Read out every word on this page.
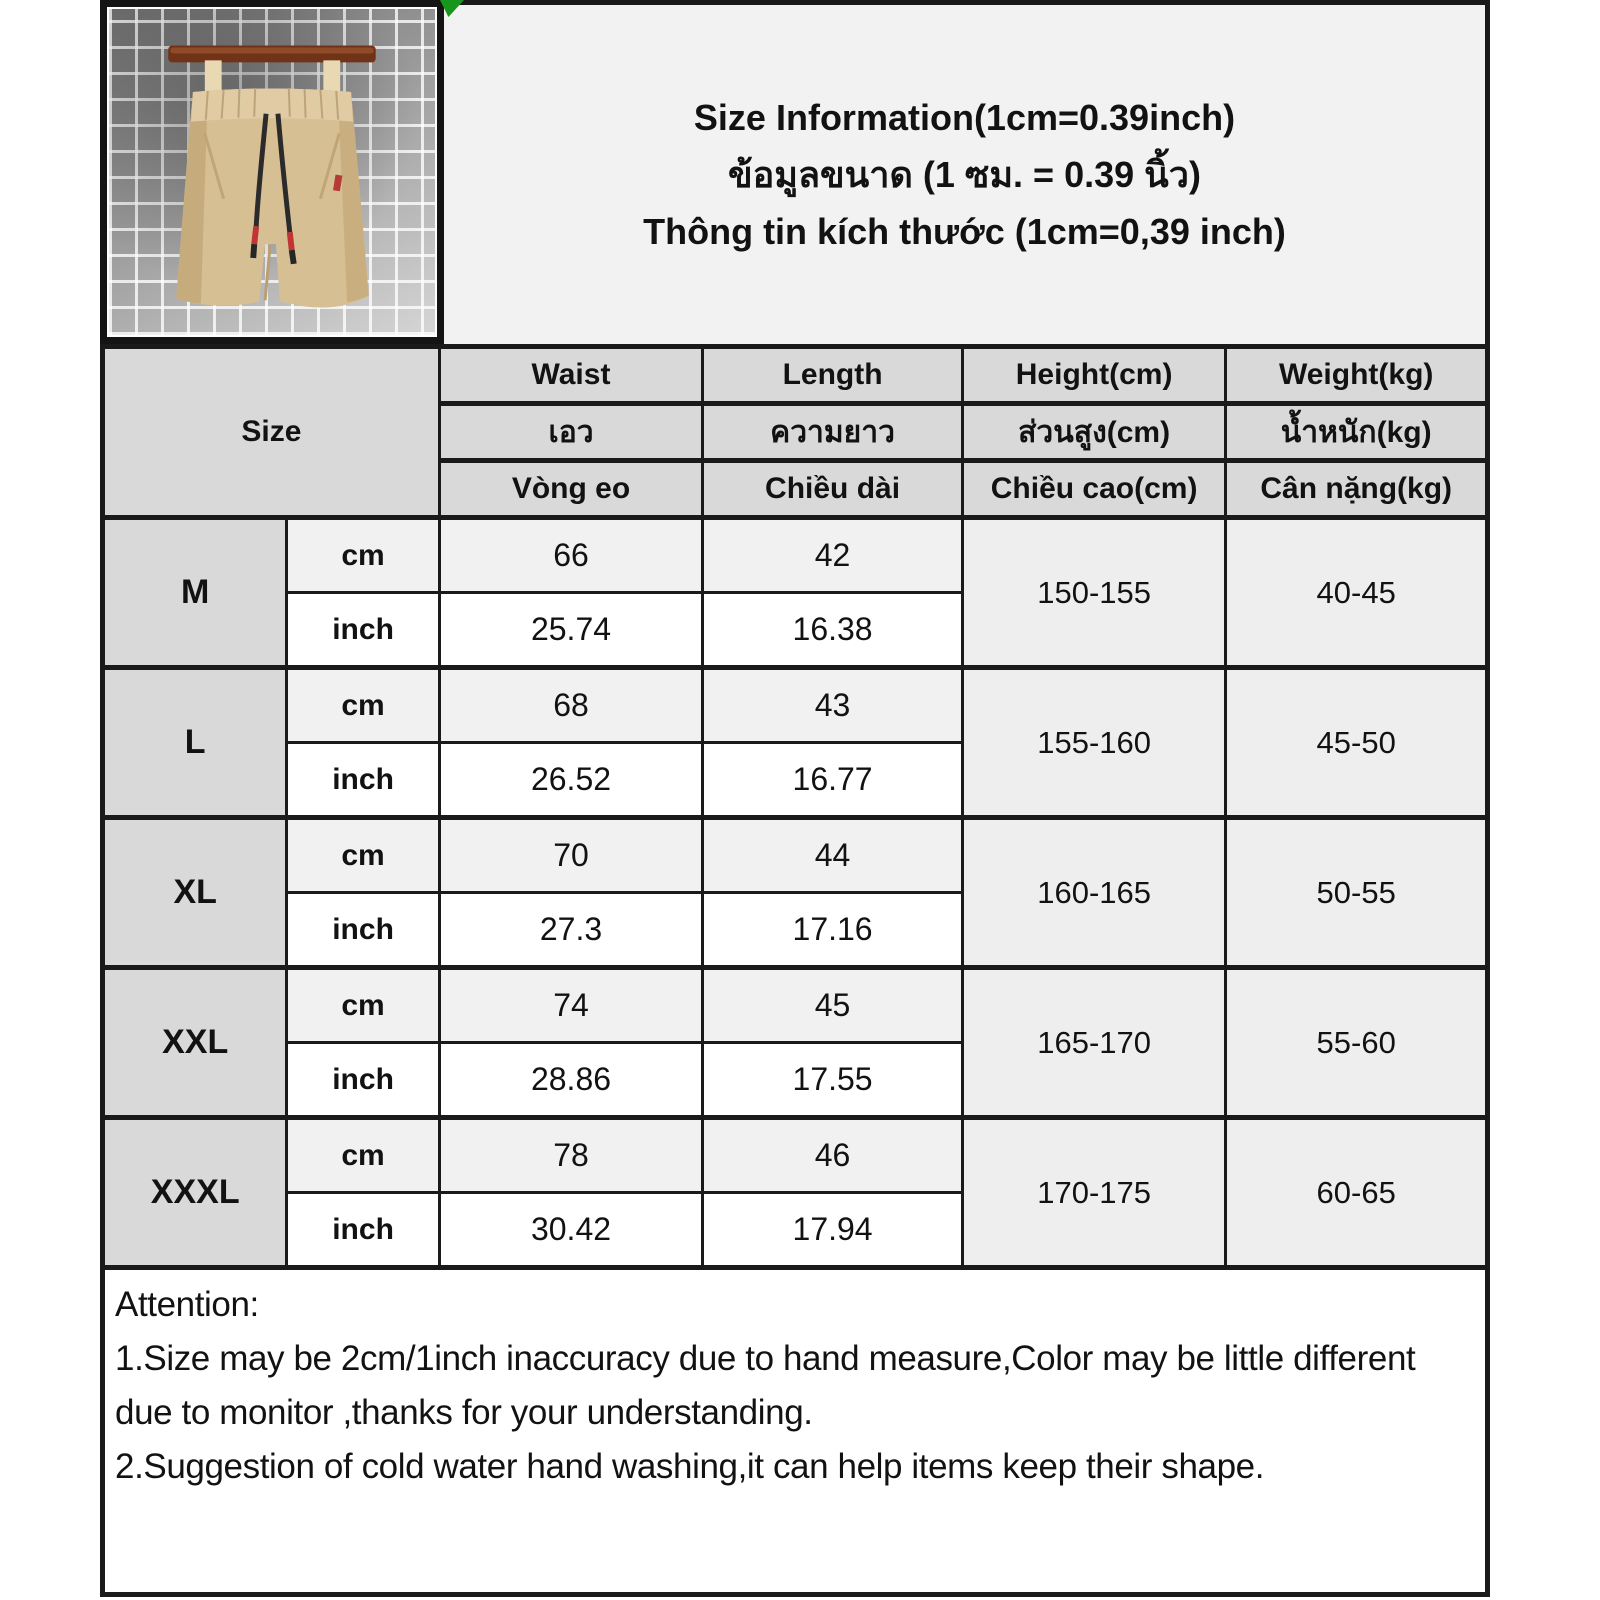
Size Information(1cm=0.39inch)
ข้อมูลขนาด (1 ซม. = 0.39 นิ้ว)
Thông tin kích thước (1cm=0,39 inch)
Size		Waist	Length	Height(cm)	Weight(kg)
		เอว	ความยาว	ส่วนสูง(cm)	น้ำหนัก(kg)
		Vòng eo	Chiều dài	Chiều cao(cm)	Cân nặng(kg)
M	cm	66	42	150-155	40-45
	inch	25.74	16.38		
L	cm	68	43	155-160	45-50
	inch	26.52	16.77		
XL	cm	70	44	160-165	50-55
	inch	27.3	17.16		
XXL	cm	74	45	165-170	55-60
	inch	28.86	17.55		
XXXL	cm	78	46	170-175	60-65
	inch	30.42	17.94		

Attention:

1.Size may be 2cm/1inch inaccuracy due to hand measure,Color may be little different due to monitor ,thanks for your understanding.

2.Suggestion of cold water hand washing,it can help items keep their shape.
